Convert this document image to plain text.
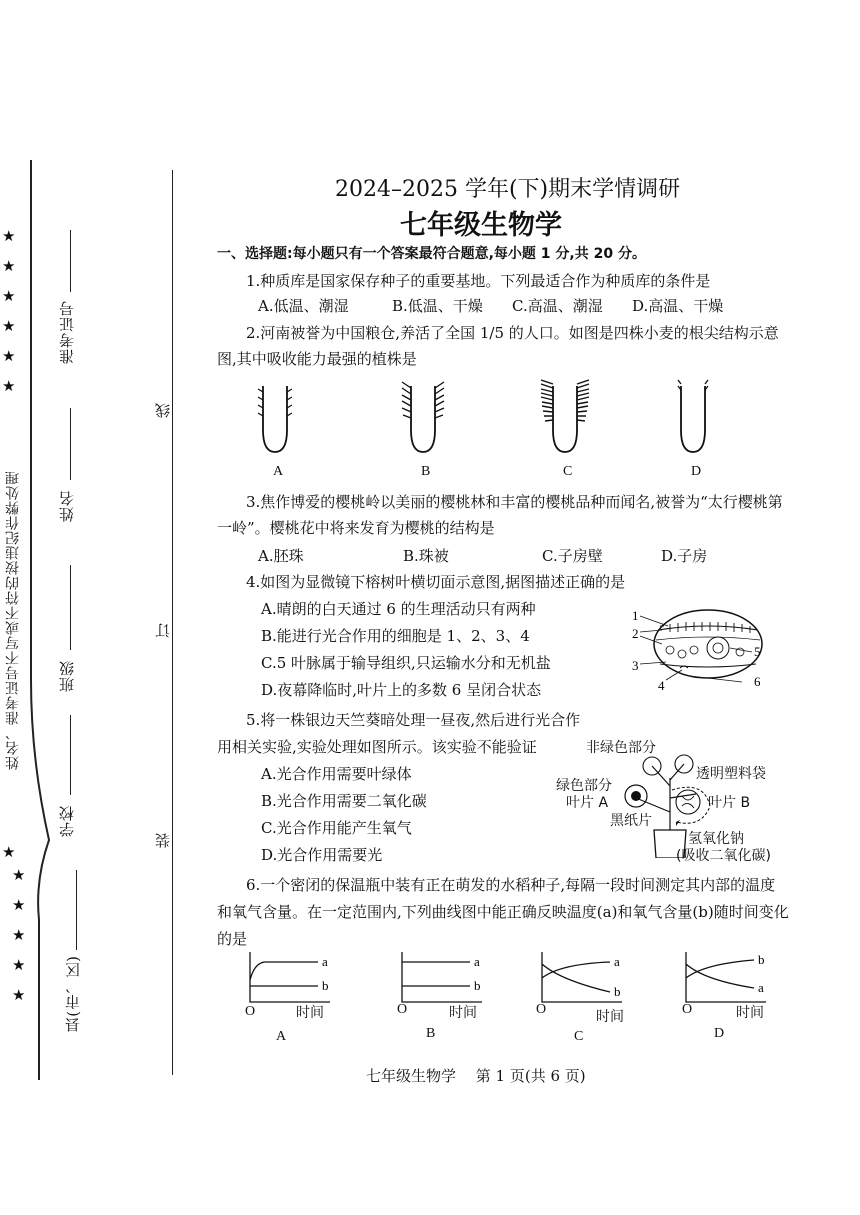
★
★
★
★
★
★
★
★
★
★
★
★
姓名、准考证号不写或不符的按违纪作弊处理
准考证号
姓名
班级
学校
县(市、区)
线
订
装
2024–2025 学年(下)期末学情调研
七年级生物学
一、选择题:每小题只有一个答案最符合题意,每小题 1 分,共 20 分。
1.种质库是国家保存种子的重要基地。下列最适合作为种质库的条件是
A.低温、潮湿	B.低温、干燥 C.高温、潮湿 D.高温、干燥
2.河南被誉为中国粮仓,养活了全国 1/5 的人口。如图是四株小麦的根尖结构示意
图,其中吸收能力最强的植株是
A	B	C	D
3.焦作博爱的樱桃岭以美丽的樱桃林和丰富的樱桃品种而闻名,被誉为“太行樱桃第
一岭”。樱桃花中将来发育为樱桃的结构是
A.胚珠	B.珠被	C.子房壁	D.子房
4.如图为显微镜下榕树叶横切面示意图,据图描述正确的是
A.晴朗的白天通过 6 的生理活动只有两种
B.能进行光合作用的细胞是 1、2、3、4
C.5 叶脉属于输导组织,只运输水分和无机盐
D.夜幕降临时,叶片上的多数 6 呈闭合状态
1
2
3
4
5
6
5.将一株银边天竺葵暗处理一昼夜,然后进行光合作
用相关实验,实验处理如图所示。该实验不能验证
A.光合作用需要叶绿体
B.光合作用需要二氧化碳
C.光合作用能产生氧气
D.光合作用需要光
非绿色部分
透明塑料袋
绿色部分
叶片 A	叶片 B
黑纸片
氢氧化钠
(吸收二氧化碳)
6.一个密闭的保温瓶中装有正在萌发的水稻种子,每隔一段时间测定其内部的温度
和氧气含量。在一定范围内,下列曲线图中能正确反映温度(a)和氧气含量(b)随时间变化
的是
a
b
a
b
a
b
b
a
O	时间	O	时间	O
时间
O	时间
A	B	C	D
七年级生物学　 第 1 页(共 6 页)
